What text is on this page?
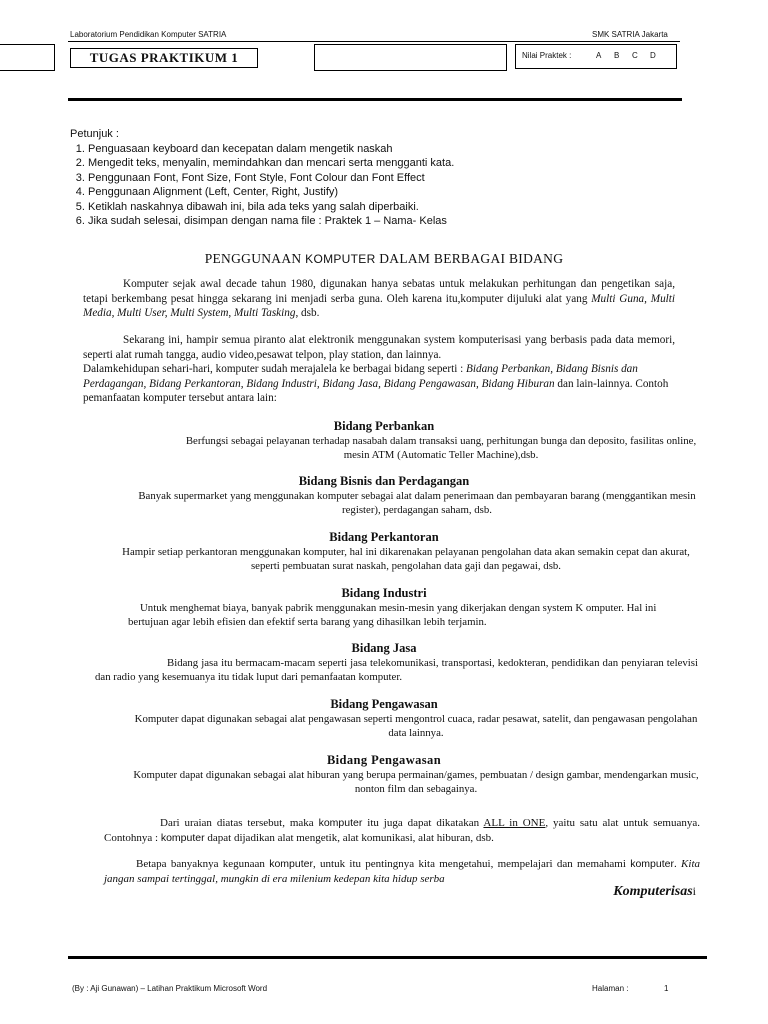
Laboratorium Pendidikan Komputer SATRIA	SMK SATRIA Jakarta
TUGAS PRAKTIKUM 1	Nilai Praktek :	A B C D
Petunjuk :
1. Penguasaan keyboard dan kecepatan dalam mengetik naskah
2. Mengedit teks, menyalin, memindahkan dan mencari serta mengganti kata.
3. Penggunaan Font, Font Size, Font Style, Font Colour dan Font Effect
4. Penggunaan Alignment (Left, Center, Right, Justify)
5. Ketiklah naskahnya dibawah ini, bila ada teks yang salah diperbaiki.
6. Jika sudah selesai, disimpan dengan nama file : Praktek 1 – Nama- Kelas
PENGGUNAAN KOMPUTER DALAM BERBAGAI BIDANG
Komputer sejak awal decade tahun 1980, digunakan hanya sebatas untuk melakukan perhitungan dan pengetikan saja, tetapi berkembang pesat hingga sekarang ini menjadi serba guna. Oleh karena itu,komputer dijuluki alat yang Multi Guna, Multi Media, Multi User, Multi System, Multi Tasking, dsb.
Sekarang ini, hampir semua piranto alat elektronik menggunakan system komputerisasi yang berbasis pada data memori, seperti alat rumah tangga, audio video,pesawat telpon, play station, dan lainnya.
Dalamkehidupan sehari-hari, komputer sudah merajalela ke berbagai bidang seperti : Bidang Perbankan, Bidang Bisnis dan Perdagangan, Bidang Perkantoran, Bidang Industri, Bidang Jasa, Bidang Pengawasan, Bidang Hiburan dan lain-lainnya. Contoh pemanfaatan komputer tersebut antara lain:
Bidang Perbankan
Berfungsi sebagai pelayanan terhadap nasabah dalam transaksi uang, perhitungan bunga dan deposito, fasilitas online, mesin ATM (Automatic Teller Machine),dsb.
Bidang Bisnis dan Perdagangan
Banyak supermarket yang menggunakan komputer sebagai alat dalam penerimaan dan pembayaran barang (menggantikan mesin register), perdagangan saham, dsb.
Bidang Perkantoran
Hampir setiap perkantoran menggunakan komputer, hal ini dikarenakan pelayanan pengolahan data akan semakin cepat dan akurat, seperti pembuatan surat naskah, pengolahan data gaji dan pegawai, dsb.
Bidang Industri
Untuk menghemat biaya, banyak pabrik menggunakan mesin-mesin yang dikerjakan dengan system K omputer. Hal ini bertujuan agar lebih efisien dan efektif serta barang yang dihasilkan lebih terjamin.
Bidang Jasa
Bidang jasa itu bermacam-macam seperti jasa telekomunikasi, transportasi, kedokteran, pendidikan dan penyiaran televisi dan radio yang kesemuanya itu tidak luput dari pemanfaatan komputer.
Bidang Pengawasan
Komputer dapat digunakan sebagai alat pengawasan seperti mengontrol cuaca, radar pesawat, satelit, dan pengawasan pengolahan data lainnya.
Bidang Pengawasan
Komputer dapat digunakan sebagai alat hiburan yang berupa permainan/games, pembuatan / design gambar, mendengarkan music, nonton film dan sebagainya.
Dari uraian diatas tersebut, maka komputer itu juga dapat dikatakan ALL in ONE, yaitu satu alat untuk semuanya. Contohnya : komputer dapat dijadikan alat mengetik, alat komunikasi, alat hiburan, dsb.
Betapa banyaknya kegunaan komputer, untuk itu pentingnya kita mengetahui, mempelajari dan memahami komputer. Kita jangan sampai tertinggal, mungkin di era milenium kedepan kita hidup serba
Komputerisasi
(By : Aji Gunawan) – Latihan Praktikum Microsoft Word	Halaman :	1
